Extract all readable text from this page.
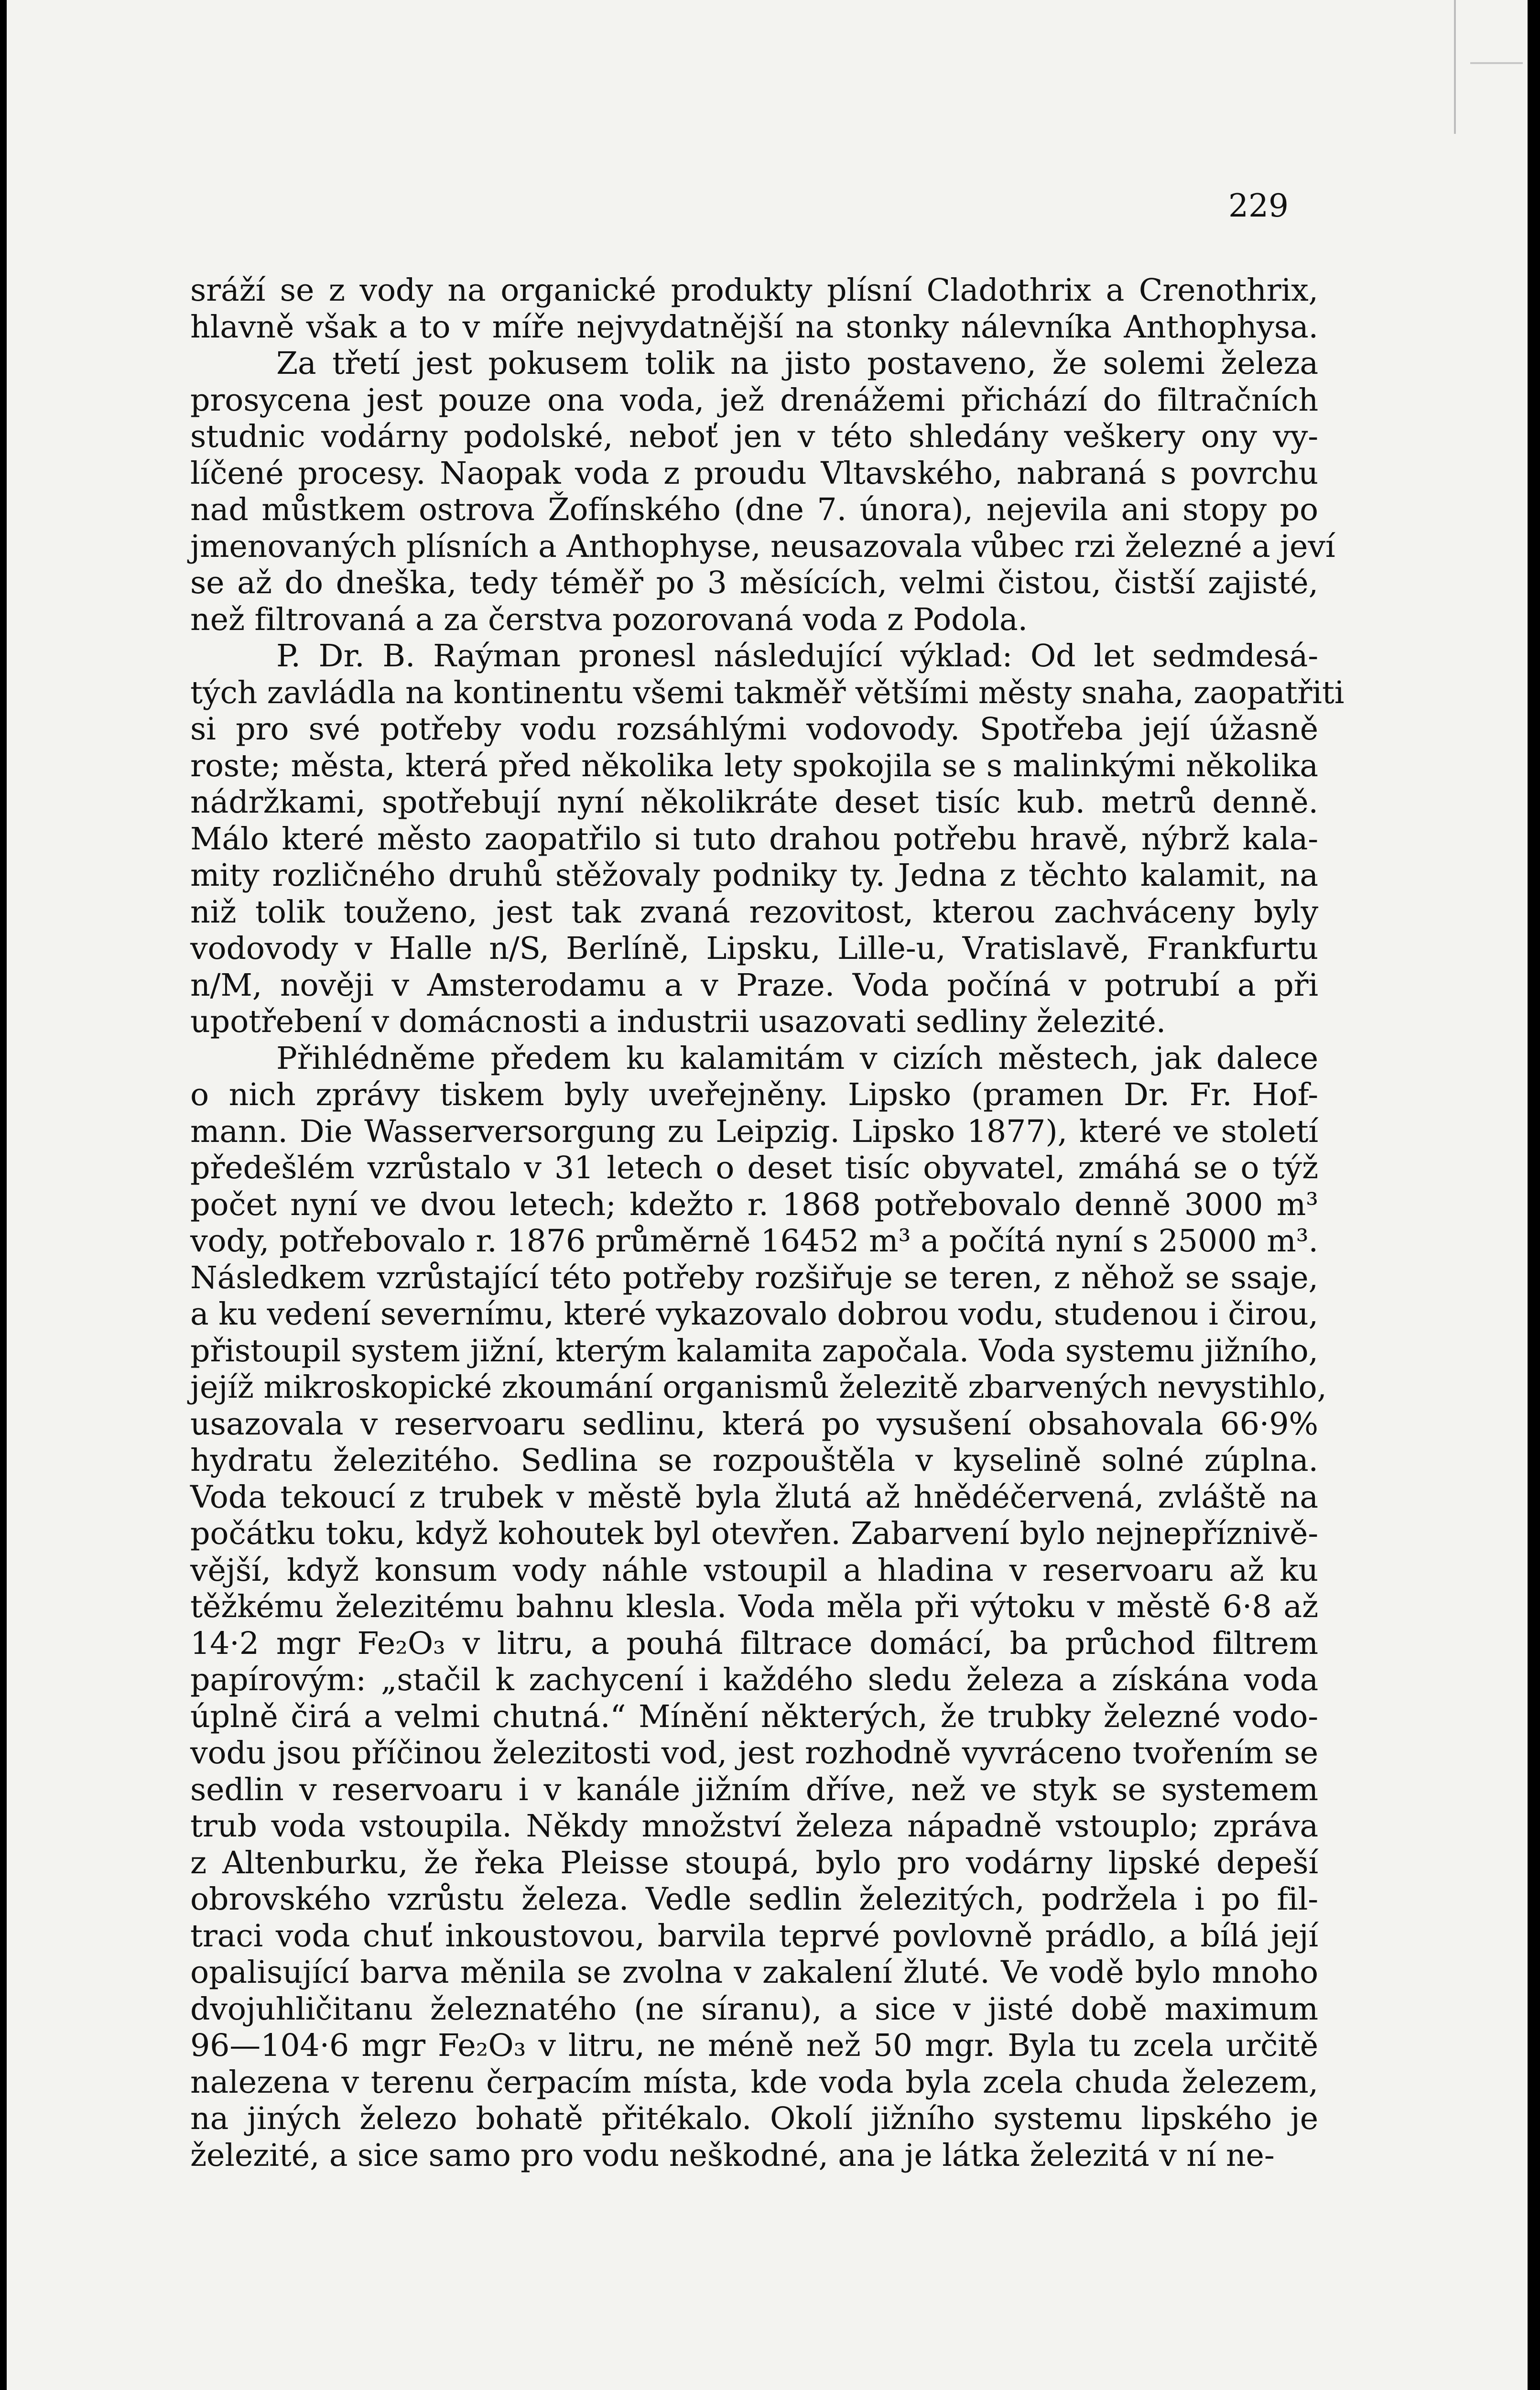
229

sráží se z vody na organické produkty plísní Cladothrix a Crenothrix,

hlavně však a to v míře nejvydatnější na stonky nálevníka Anthophysa.

Za třetí jest pokusem tolik na jisto postaveno, že solemi železa

prosycena jest pouze ona voda, jež drenážemi přichází do filtračních

studnic vodárny podolské, neboť jen v této shledány veškery ony vy-

líčené procesy. Naopak voda z proudu Vltavského, nabraná s povrchu

nad můstkem ostrova Žofínského (dne 7. února), nejevila ani stopy po

jmenovaných plísních a Anthophyse, neusazovala vůbec rzi železné a jeví

se až do dneška, tedy téměř po 3 měsících, velmi čistou, čistší zajisté,

než filtrovaná a za čerstva pozorovaná voda z Podola.

P. Dr. B. Raýman pronesl následující výklad: Od let sedmdesá-

tých zavládla na kontinentu všemi takměř většími městy snaha, zaopatřiti

si pro své potřeby vodu rozsáhlými vodovody. Spotřeba její úžasně

roste; města, která před několika lety spokojila se s malinkými několika

nádržkami, spotřebují nyní několikráte deset tisíc kub. metrů denně.

Málo které město zaopatřilo si tuto drahou potřebu hravě, nýbrž kala-

mity rozličného druhů stěžovaly podniky ty. Jedna z těchto kalamit, na

niž tolik touženo, jest tak zvaná rezovitost, kterou zachváceny byly

vodovody v Halle n/S, Berlíně, Lipsku, Lille-u, Vratislavě, Frankfurtu

n/M, nověji v Amsterodamu a v Praze. Voda počíná v potrubí a při

upotřebení v domácnosti a industrii usazovati sedliny železité.

Přihlédněme předem ku kalamitám v cizích městech, jak dalece

o nich zprávy tiskem byly uveřejněny. Lipsko (pramen Dr. Fr. Hof-

mann. Die Wasserversorgung zu Leipzig. Lipsko 1877), které ve století

předešlém vzrůstalo v 31 letech o deset tisíc obyvatel, zmáhá se o týž

počet nyní ve dvou letech; kdežto r. 1868 potřebovalo denně 3000 m³

vody, potřebovalo r. 1876 průměrně 16452 m³ a počítá nyní s 25000 m³.

Následkem vzrůstající této potřeby rozšiřuje se teren, z něhož se ssaje,

a ku vedení severnímu, které vykazovalo dobrou vodu, studenou i čirou,

přistoupil system jižní, kterým kalamita započala. Voda systemu jižního,

jejíž mikroskopické zkoumání organismů železitě zbarvených nevystihlo,

usazovala v reservoaru sedlinu, která po vysušení obsahovala 66·9%

hydratu železitého. Sedlina se rozpouštěla v kyselině solné zúplna.

Voda tekoucí z trubek v městě byla žlutá až hnědéčervená, zvláště na

počátku toku, když kohoutek byl otevřen. Zabarvení bylo nejnepříznivě-

vější, když konsum vody náhle vstoupil a hladina v reservoaru až ku

těžkému železitému bahnu klesla. Voda měla při výtoku v městě 6·8 až

14·2 mgr Fe₂O₃ v litru, a pouhá filtrace domácí, ba průchod filtrem

papírovým: „stačil k zachycení i každého sledu železa a získána voda

úplně čirá a velmi chutná.“ Mínění některých, že trubky železné vodo-

vodu jsou příčinou železitosti vod, jest rozhodně vyvráceno tvořením se

sedlin v reservoaru i v kanále jižním dříve, než ve styk se systemem

trub voda vstoupila. Někdy množství železa nápadně vstouplo; zpráva

z Altenburku, že řeka Pleisse stoupá, bylo pro vodárny lipské depeší

obrovského vzrůstu železa. Vedle sedlin železitých, podržela i po fil-

traci voda chuť inkoustovou, barvila teprvé povlovně prádlo, a bílá její

opalisující barva měnila se zvolna v zakalení žluté. Ve vodě bylo mnoho

dvojuhličitanu železnatého (ne síranu), a sice v jisté době maximum

96—104·6 mgr Fe₂O₃ v litru, ne méně než 50 mgr. Byla tu zcela určitě

nalezena v terenu čerpacím místa, kde voda byla zcela chuda železem,

na jiných železo bohatě přitékalo. Okolí jižního systemu lipského je

železité, a sice samo pro vodu neškodné, ana je látka železitá v ní ne-
